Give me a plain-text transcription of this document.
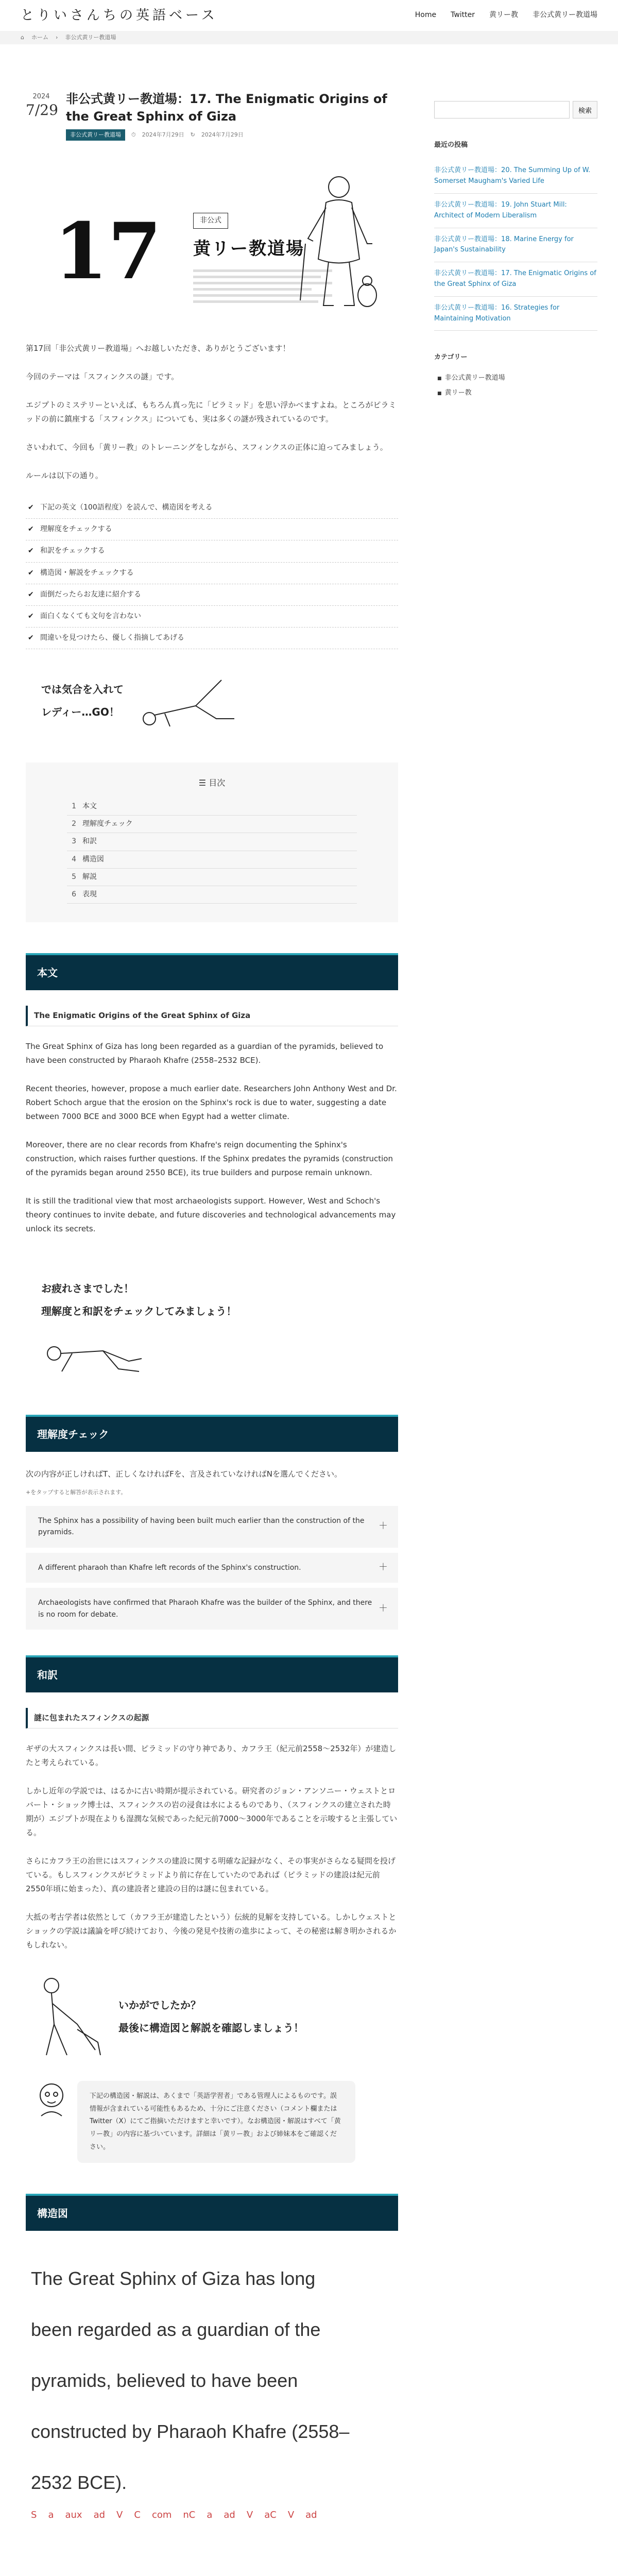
とりいさんちの英語ベース	Home Twitter 黄リー教 非公式黄リー教道場
⌂ ホーム › 非公式黄リー教道場
2024
7/29
非公式黄リー教道場：17. The Enigmatic Origins of the Great Sphinx of Giza
非公式黄リー教道場	⏱ 2024年7月29日 ↻ 2024年7月29日
17	非公式
黄リー教道場

第17回「非公式黄リー教道場」へお越しいただき、ありがとうございます！

今回のテーマは「スフィンクスの謎」です。

エジプトのミステリーといえば、もちろん真っ先に「ピラミッド」を思い浮かべますよね。ところがピラミッドの前に鎮座する「スフィンクス」についても、実は多くの謎が残されているのです。

さいわれて、今回も「黄リー教」のトレーニングをしながら、スフィンクスの正体に迫ってみましょう。

ルールは以下の通り。

✔ 下記の英文（100語程度）を読んで、構造図を考える
✔ 理解度をチェックする
✔ 和訳をチェックする
✔ 構造図・解説をチェックする
✔ 面倒だったらお友達に紹介する
✔ 面白くなくても文句を言わない
✔ 間違いを見つけたら、優しく指摘してあげる
では気合を入れて
レディー…GO！
☰ 目次
1 本文
2 理解度チェック
3 和訳
4 構造図
5 解説
6 表現
本文
The Enigmatic Origins of the Great Sphinx of Giza

The Great Sphinx of Giza has long been regarded as a guardian of the pyramids, believed to have been constructed by Pharaoh Khafre (2558–2532 BCE).

Recent theories, however, propose a much earlier date. Researchers John Anthony West and Dr. Robert Schoch argue that the erosion on the Sphinx's rock is due to water, suggesting a date between 7000 BCE and 3000 BCE when Egypt had a wetter climate.

Moreover, there are no clear records from Khafre's reign documenting the Sphinx's construction, which raises further questions. If the Sphinx predates the pyramids (construction of the pyramids began around 2550 BCE), its true builders and purpose remain unknown.

It is still the traditional view that most archaeologists support. However, West and Schoch's theory continues to invite debate, and future discoveries and technological advancements may unlock its secrets.

お疲れさまでした！
理解度と和訳をチェックしてみましょう！
理解度チェック

次の内容が正しければT、正しくなければFを、言及されていなければNを選んでください。

+をタップすると解答が表示されます。
The Sphinx has a possibility of having been built much earlier than the construction of the pyramids.
＋
A different pharaoh than Khafre left records of the Sphinx's construction.	＋
Archaeologists have confirmed that Pharaoh Khafre was the builder of the Sphinx, and there is no room for debate.
＋
和訳
謎に包まれたスフィンクスの起源

ギザの大スフィンクスは長い間、ピラミッドの守り神であり、カフラ王（紀元前2558〜2532年）が建造したと考えられている。

しかし近年の学説では、はるかに古い時期が提示されている。研究者のジョン・アンソニー・ウェストとロバート・ショック博士は、スフィンクスの岩の浸食は水によるものであり、（スフィンクスの建立された時期が）エジプトが現在よりも湿潤な気候であった紀元前7000〜3000年であることを示唆すると主張している。

さらにカフラ王の治世にはスフィンクスの建設に関する明確な記録がなく、その事実がさらなる疑問を投げている。もしスフィンクスがピラミッドより前に存在していたのであれば（ピラミッドの建設は紀元前2550年頃に始まった）、真の建設者と建設の目的は謎に包まれている。

大抵の考古学者は依然として（カフラ王が建造したという）伝統的見解を支持している。しかしウェストとショックの学説は議論を呼び続けており、今後の発見や技術の進歩によって、その秘密は解き明かされるかもしれない。

いかがでしたか？
最後に構造図と解説を確認しましょう！
下記の構造図・解説は、あくまで「英語学習者」である管理人によるものです。誤情報が含まれている可能性もあるため、十分にご注意ください（コメント欄またはTwitter（X）にてご指摘いただけますと幸いです）。なお構造図・解説はすべて「黄リー教」の内容に基づいています。詳細は「黄リー教」および姉妹本をご確認ください。
構造図
The Great Sphinx of Giza has long
been regarded as a guardian of the
pyramids, believed to have been
constructed by Pharaoh Khafre (2558–
2532 BCE).
S a aux ad V C com nC a ad V aC V ad
検索
最近の投稿
非公式黄リー教道場：20. The Summing Up of W. Somerset Maugham's Varied Life
非公式黄リー教道場：19. John Stuart Mill: Architect of Modern Liberalism
非公式黄リー教道場：18. Marine Energy for Japan's Sustainability
非公式黄リー教道場：17. The Enigmatic Origins of the Great Sphinx of Giza
非公式黄リー教道場：16. Strategies for Maintaining Motivation
カテゴリー
■ 非公式黄リー教道場
■ 黄リー教
